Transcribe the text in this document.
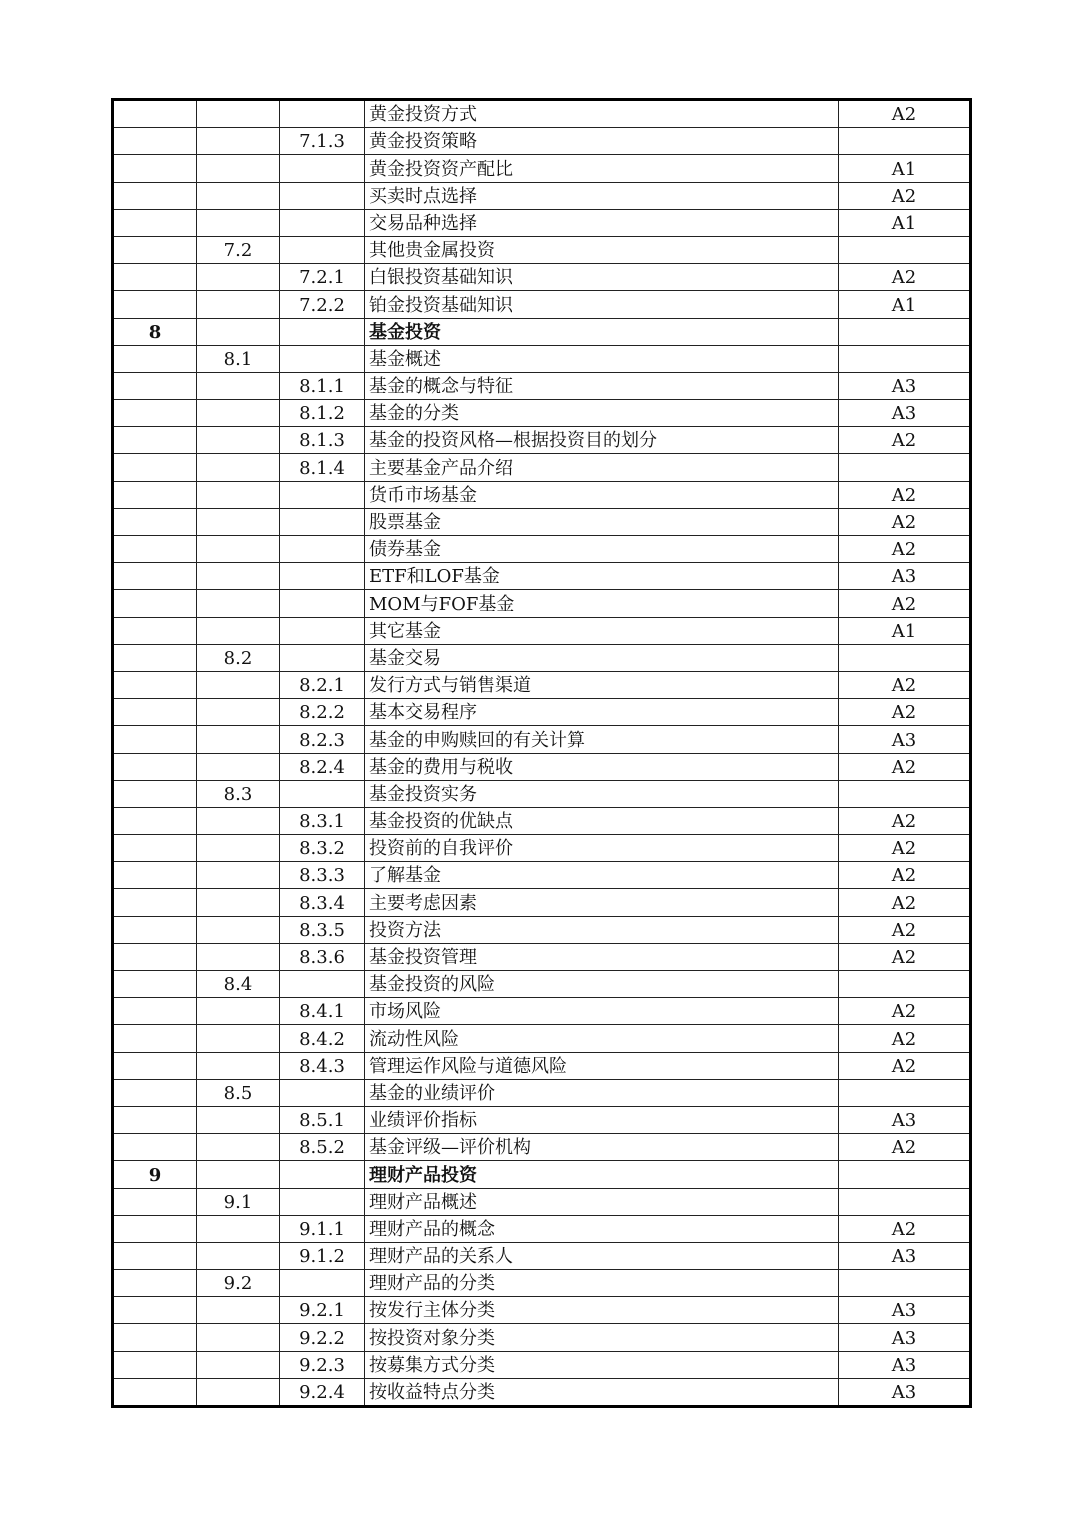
			黄金投资方式	A2
		7.1.3	黄金投资策略	
			黄金投资资产配比	A1
			买卖时点选择	A2
			交易品种选择	A1
	7.2		其他贵金属投资	
		7.2.1	白银投资基础知识	A2
		7.2.2	铂金投资基础知识	A1
8			基金投资	
	8.1		基金概述	
		8.1.1	基金的概念与特征	A3
		8.1.2	基金的分类	A3
		8.1.3	基金的投资风格—根据投资目的划分	A2
		8.1.4	主要基金产品介绍	
			货币市场基金	A2
			股票基金	A2
			债券基金	A2
			ETF和LOF基金	A3
			MOM与FOF基金	A2
			其它基金	A1
	8.2		基金交易	
		8.2.1	发行方式与销售渠道	A2
		8.2.2	基本交易程序	A2
		8.2.3	基金的申购赎回的有关计算	A3
		8.2.4	基金的费用与税收	A2
	8.3		基金投资实务	
		8.3.1	基金投资的优缺点	A2
		8.3.2	投资前的自我评价	A2
		8.3.3	了解基金	A2
		8.3.4	主要考虑因素	A2
		8.3.5	投资方法	A2
		8.3.6	基金投资管理	A2
	8.4		基金投资的风险	
		8.4.1	市场风险	A2
		8.4.2	流动性风险	A2
		8.4.3	管理运作风险与道德风险	A2
	8.5		基金的业绩评价	
		8.5.1	业绩评价指标	A3
		8.5.2	基金评级—评价机构	A2
9			理财产品投资	
	9.1		理财产品概述	
		9.1.1	理财产品的概念	A2
		9.1.2	理财产品的关系人	A3
	9.2		理财产品的分类	
		9.2.1	按发行主体分类	A3
		9.2.2	按投资对象分类	A3
		9.2.3	按募集方式分类	A3
		9.2.4	按收益特点分类	A3
